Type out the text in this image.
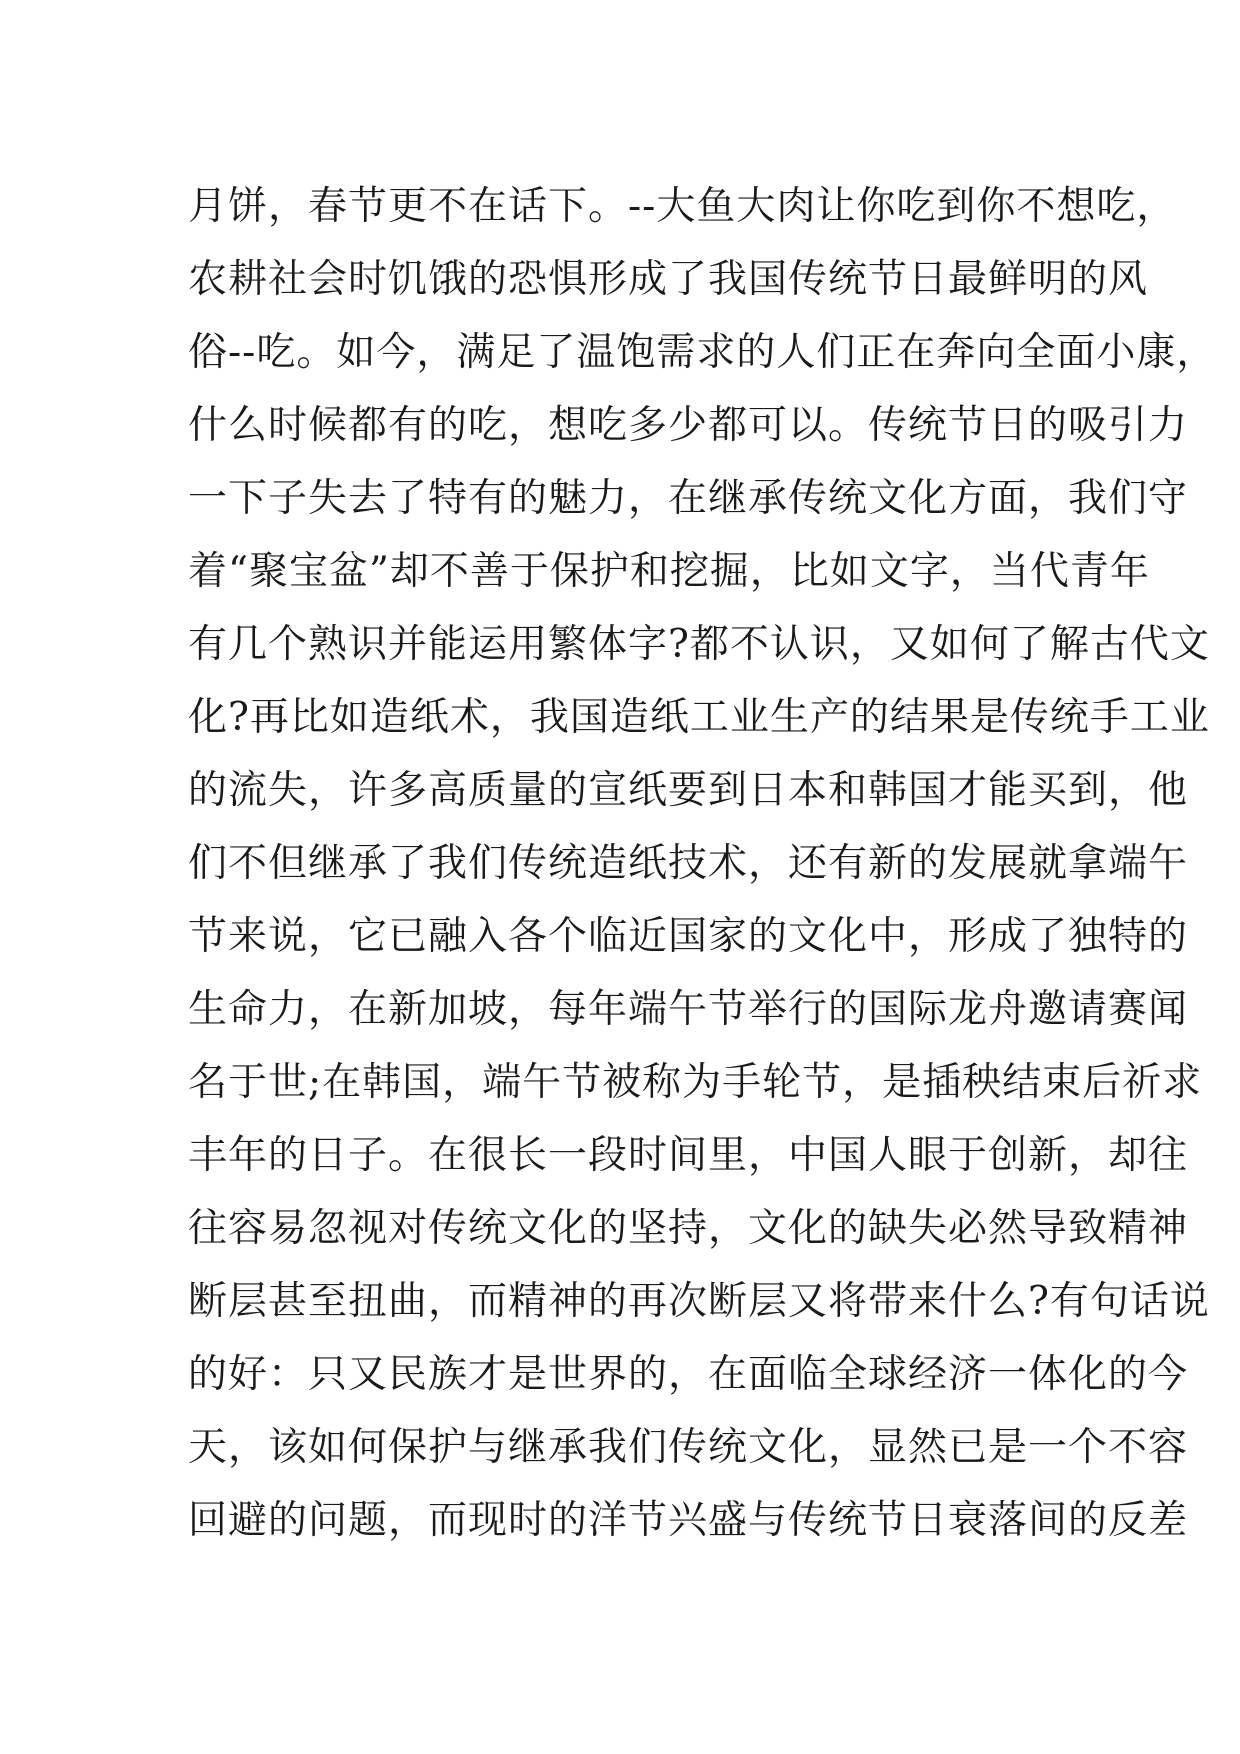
月饼，春节更不在话下。--大鱼大肉让你吃到你不想吃，
农耕社会时饥饿的恐惧形成了我国传统节日最鲜明的风
俗--吃。如今，满足了温饱需求的人们正在奔向全面小康，
什么时候都有的吃，想吃多少都可以。传统节日的吸引力
一下子失去了特有的魅力，在继承传统文化方面，我们守
着“聚宝盆”却不善于保护和挖掘，比如文字，当代青年
有几个熟识并能运用繁体字?都不认识，又如何了解古代文
化?再比如造纸术，我国造纸工业生产的结果是传统手工业
的流失，许多高质量的宣纸要到日本和韩国才能买到，他
们不但继承了我们传统造纸技术，还有新的发展就拿端午
节来说，它已融入各个临近国家的文化中，形成了独特的
生命力，在新加坡，每年端午节举行的国际龙舟邀请赛闻
名于世;在韩国，端午节被称为手轮节，是插秧结束后祈求
丰年的日子。在很长一段时间里，中国人眼于创新，却往
往容易忽视对传统文化的坚持，文化的缺失必然导致精神
断层甚至扭曲，而精神的再次断层又将带来什么?有句话说
的好：只又民族才是世界的，在面临全球经济一体化的今
天，该如何保护与继承我们传统文化，显然已是一个不容
回避的问题，而现时的洋节兴盛与传统节日衰落间的反差
